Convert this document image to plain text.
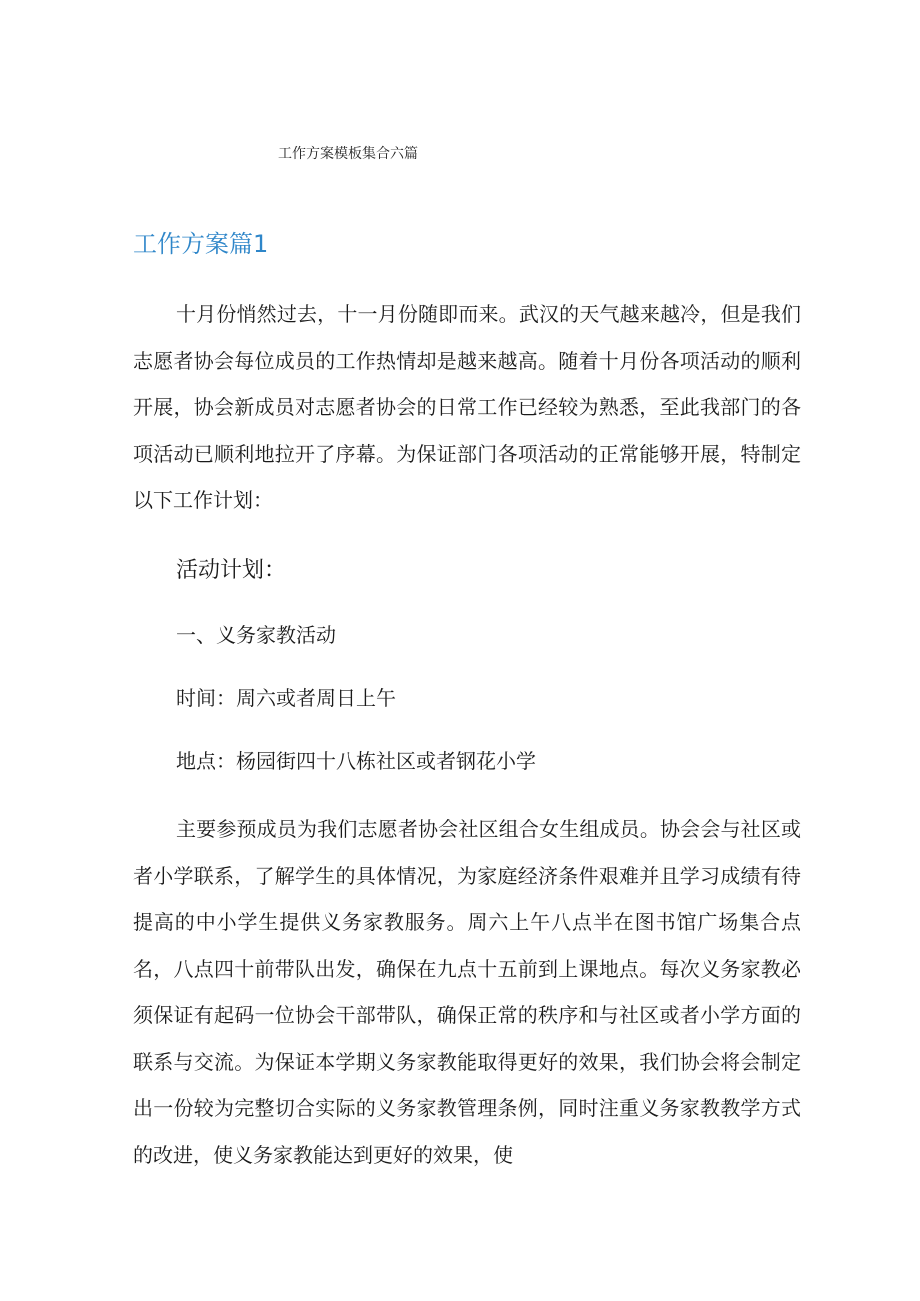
工作方案模板集合六篇
工作方案篇1

十月份悄然过去，十一月份随即而来。武汉的天气越来越冷，但是我们志愿者协会每位成员的工作热情却是越来越高。随着十月份各项活动的顺利开展，协会新成员对志愿者协会的日常工作已经较为熟悉，至此我部门的各项活动已顺利地拉开了序幕。为保证部门各项活动的正常能够开展，特制定以下工作计划：

活动计划：

一、义务家教活动

时间：周六或者周日上午

地点：杨园街四十八栋社区或者钢花小学

主要参预成员为我们志愿者协会社区组合女生组成员。协会会与社区或者小学联系，了解学生的具体情况，为家庭经济条件艰难并且学习成绩有待提高的中小学生提供义务家教服务。周六上午八点半在图书馆广场集合点名，八点四十前带队出发，确保在九点十五前到上课地点。每次义务家教必须保证有起码一位协会干部带队，确保正常的秩序和与社区或者小学方面的联系与交流。为保证本学期义务家教能取得更好的效果，我们协会将会制定出一份较为完整切合实际的义务家教管理条例，同时注重义务家教教学方式的改进，使义务家教能达到更好的效果，使
